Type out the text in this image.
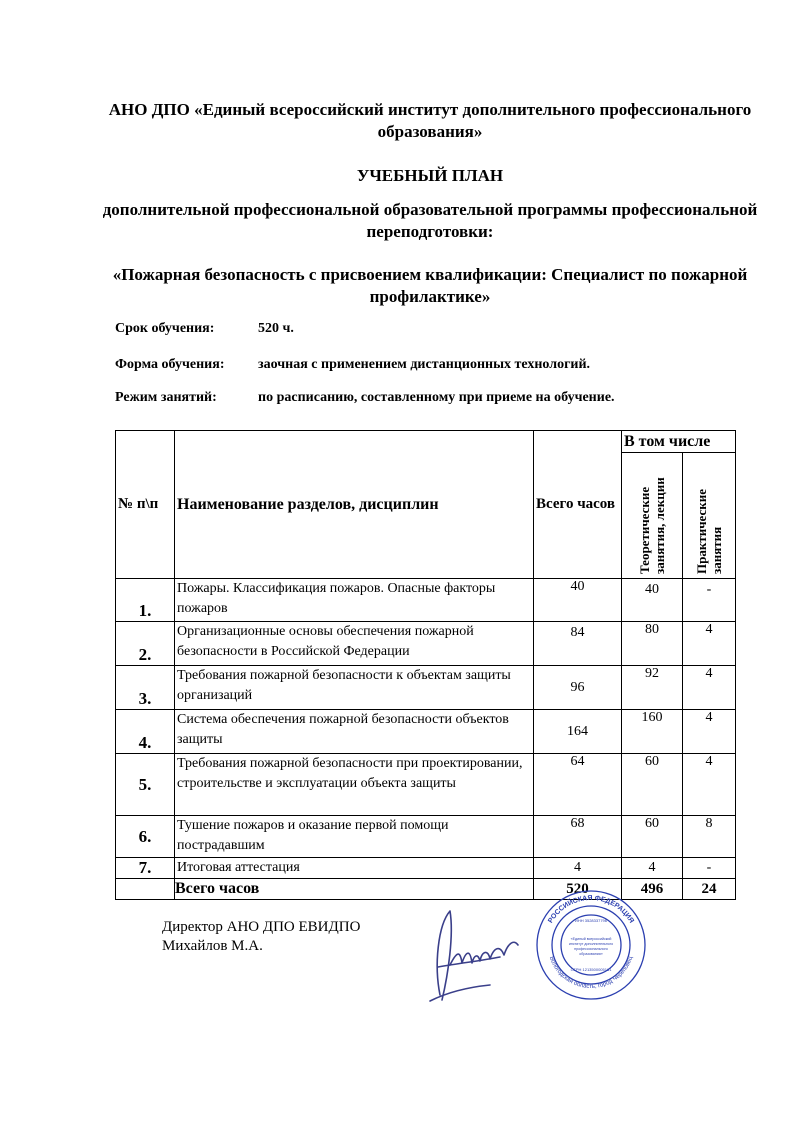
АНО ДПО «Единый всероссийский институт дополнительного профессионального образования»
УЧЕБНЫЙ ПЛАН
дополнительной профессиональной образовательной программы профессиональной переподготовки:
«Пожарная безопасность с присвоением квалификации: Специалист по пожарной профилактике»
Срок обучения:	520 ч.
Форма обучения: заочная с применением дистанционных технологий.
Режим занятий:	по расписанию, составленному при приеме на обучение.
№ п\п	Наименование разделов, дисциплин	Всего часов	В том числе	

			Теоретические занятия, лекции	Практические занятия

1.	Пожары. Классификация пожаров. Опасные факторы пожаров	40	40	-
2.	Организационные основы обеспечения пожарной безопасности в Российской Федерации	84	80	4
3.	Требования пожарной безопасности к объектам защиты организаций	96	92	4
4.	Система обеспечения пожарной безопасности объектов защиты	164	160	4
5.	Требования пожарной безопасности при проектировании, строительстве и эксплуатации объекта защиты	64	60	4
6.	Тушение пожаров и оказание первой помощи пострадавшим	68	60	8
7.	Итоговая аттестация	4	4	-
	Всего часов	520	496	24
Директор АНО ДПО ЕВИДПО
Михайлов М.А.
РОССИЙСКАЯ ФЕДЕРАЦИЯ
Вологодская область, город Череповец
ИНН 3528337796
ОГРН 1213500005181
«Единый всероссийский
институт дополнительного
профессионального
образования»
